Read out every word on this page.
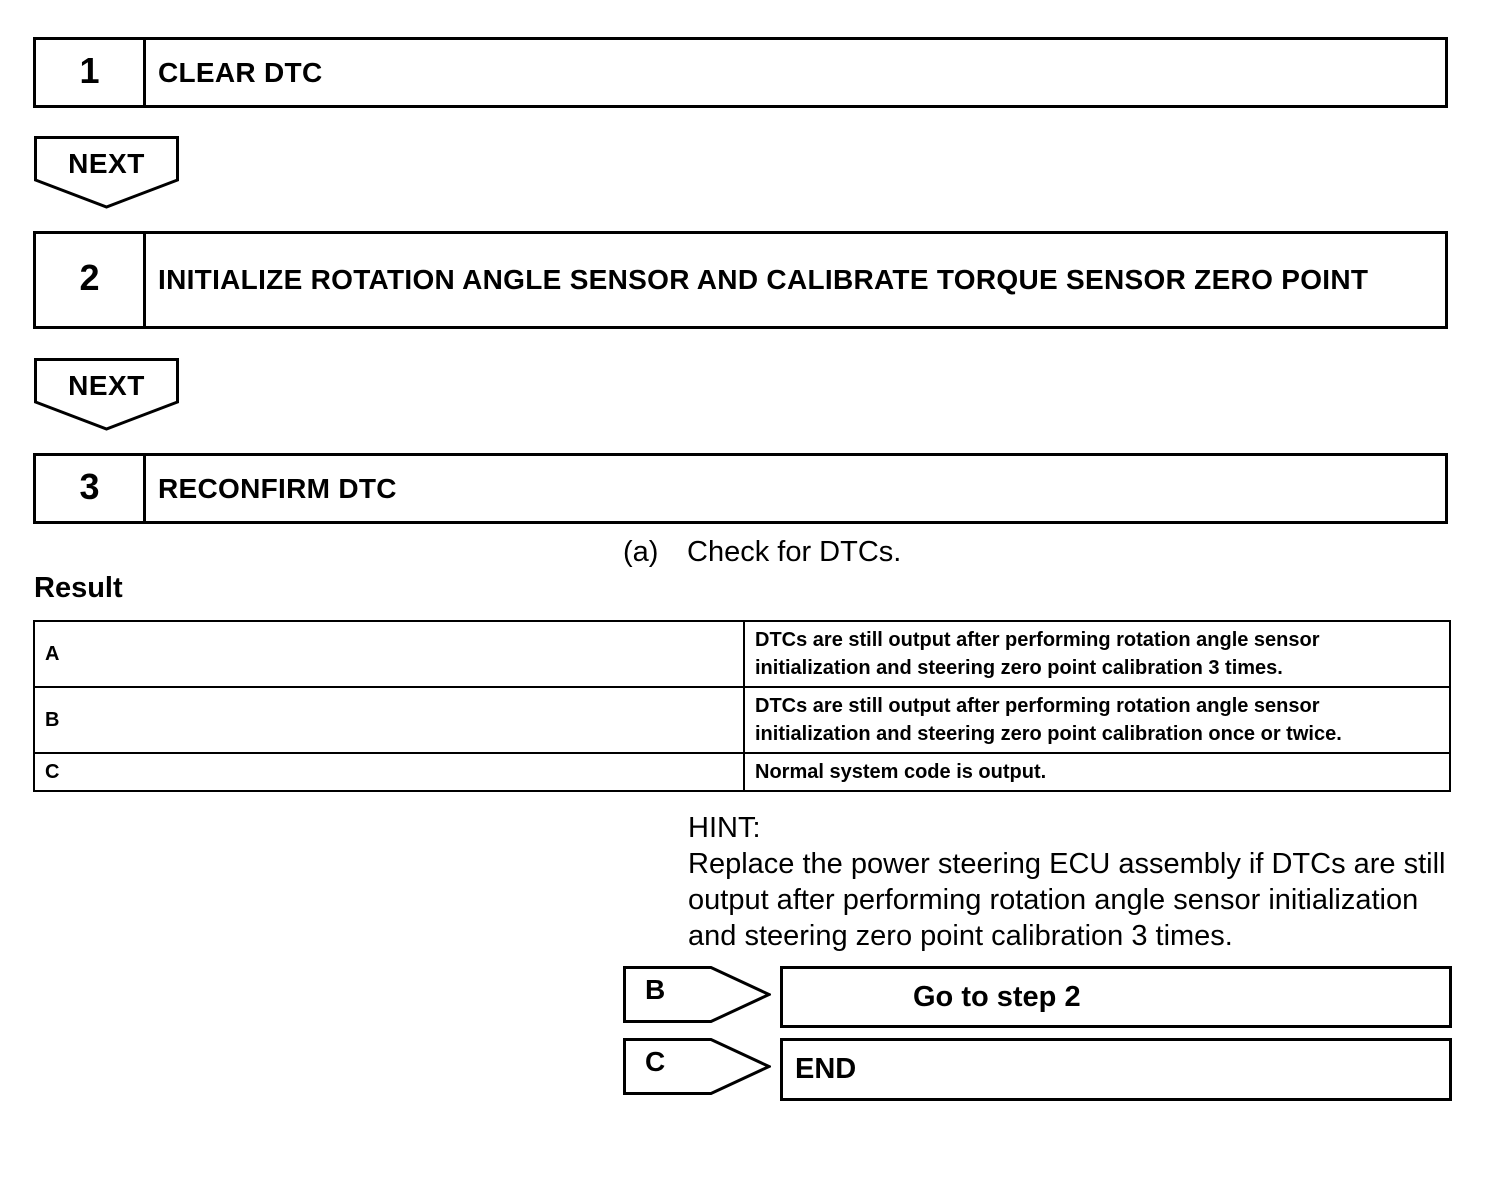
1	CLEAR DTC
NEXT
2	INITIALIZE ROTATION ANGLE SENSOR AND CALIBRATE TORQUE SENSOR ZERO POINT
NEXT
3	RECONFIRM DTC
(a) Check for DTCs.
Result
A	DTCs are still output after performing rotation angle sensor initialization and steering zero point calibration 3 times.
B	DTCs are still output after performing rotation angle sensor initialization and steering zero point calibration once or twice.
C	Normal system code is output.
HINT:
Replace the power steering ECU assembly if DTCs are still output after performing rotation angle sensor initialization and steering zero point calibration 3 times.
B	Go to step 2
C	END
